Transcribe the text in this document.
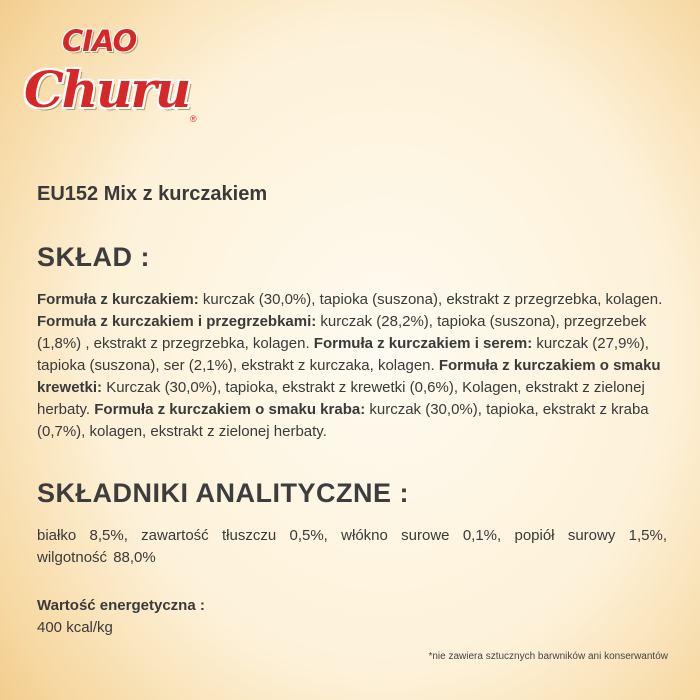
CIAO
Churu ®
EU152 Mix z kurczakiem
SKŁAD :
Formuła z kurczakiem: kurczak (30,0%), tapioka (suszona), ekstrakt z przegrzebka, kolagen. Formuła z kurczakiem i przegrzebkami: kurczak (28,2%), tapioka (suszona), przegrzebek (1,8%) , ekstrakt z przegrzebka, kolagen. Formuła z kurczakiem i serem: kurczak (27,9%), tapioka (suszona), ser (2,1%), ekstrakt z kurczaka, kolagen. Formuła z kurczakiem o smaku krewetki: Kurczak (30,0%), tapioka, ekstrakt z krewetki (0,6%), Kolagen, ekstrakt z zielonej herbaty. Formuła z kurczakiem o smaku kraba: kurczak (30,0%), tapioka, ekstrakt z kraba (0,7%), kolagen, ekstrakt z zielonej herbaty.
SKŁADNIKI ANALITYCZNE :
białko 8,5%, zawartość tłuszczu 0,5%, włókno surowe 0,1%, popiół surowy 1,5%, wilgotność 88,0%
Wartość energetyczna :
400 kcal/kg
*nie zawiera sztucznych barwników ani konserwantów
